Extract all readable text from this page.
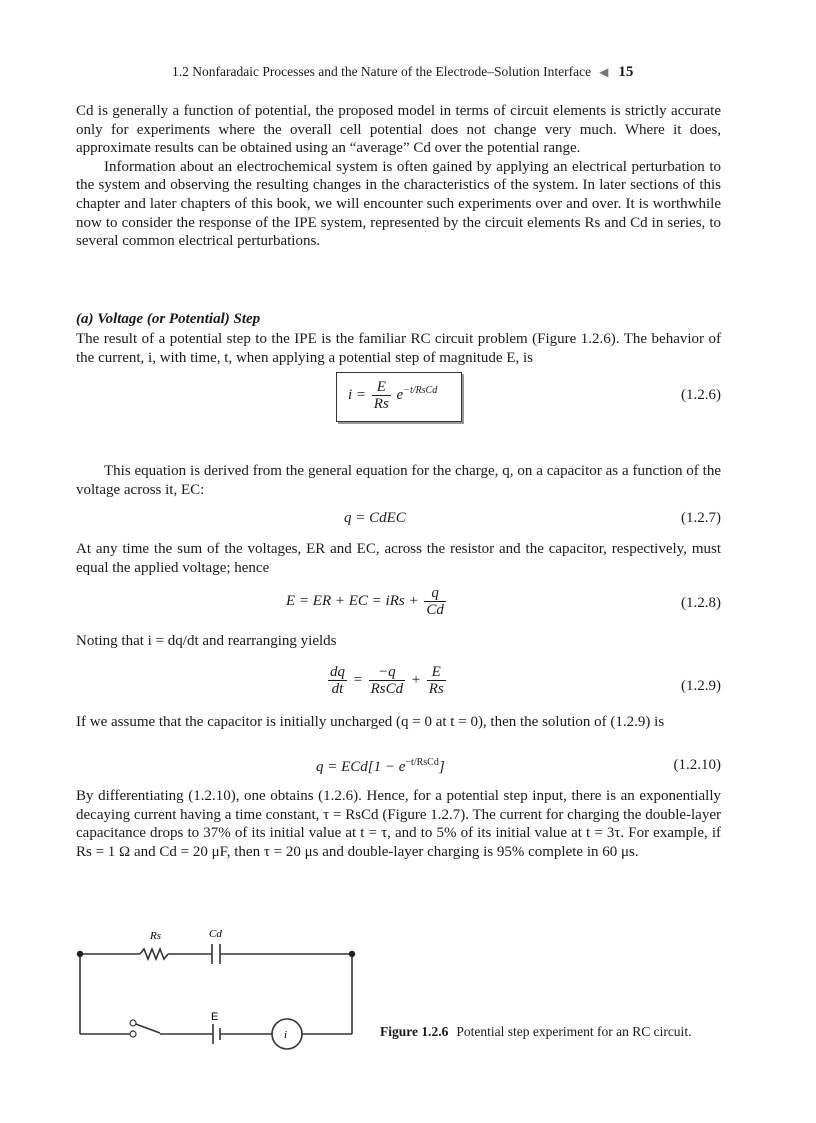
1.2 Nonfaradaic Processes and the Nature of the Electrode–Solution Interface ◀ 15

Cd is generally a function of potential, the proposed model in terms of circuit elements is strictly accurate only for experiments where the overall cell potential does not change very much. Where it does, approximate results can be obtained using an “average” Cd over the potential range.

Information about an electrochemical system is often gained by applying an electrical perturbation to the system and observing the resulting changes in the characteristics of the system. In later sections of this chapter and later chapters of this book, we will encounter such experiments over and over. It is worthwhile now to consider the response of the IPE system, represented by the circuit elements Rs and Cd in series, to several common electrical perturbations.

(a) Voltage (or Potential) Step
The result of a potential step to the IPE is the familiar RC circuit problem (Figure 1.2.6). The behavior of the current, i, with time, t, when applying a potential step of magnitude E, is
$i = \frac{E}{Rs} e^{-t/RsCd}$	(1.2.6)

This equation is derived from the general equation for the charge, q, on a capacitor as a function of the voltage across it, EC:

q = CdEC	(1.2.7)
At any time the sum of the voltages, ER and EC, across the resistor and the capacitor, respectively, must equal the applied voltage; hence
E = ER + EC = iRs + $\frac{q}{Cd}$	(1.2.8)
Noting that i = dq/dt and rearranging yields
$\frac{dq}{dt} = \frac{-q}{\text{RsCd}} + \frac{E}{Rs}$	(1.2.9)
If we assume that the capacitor is initially uncharged (q = 0 at t = 0), then the solution of (1.2.9) is
$q = ECd[1 - e^{-t/RsCd}]$	(1.2.10)
By differentiating (1.2.10), one obtains (1.2.6). Hence, for a potential step input, there is an exponentially decaying current having a time constant, τ = RsCd (Figure 1.2.7). The current for charging the double-layer capacitance drops to 37% of its initial value at t = τ, and to 5% of its initial value at t = 3τ. For example, if Rs = 1 Ω and Cd = 20 μF, then τ = 20 μs and double-layer charging is 95% complete in 60 μs.
Rs	Cd
E
i	Figure 1.2.6 Potential step experiment for an RC circuit.
